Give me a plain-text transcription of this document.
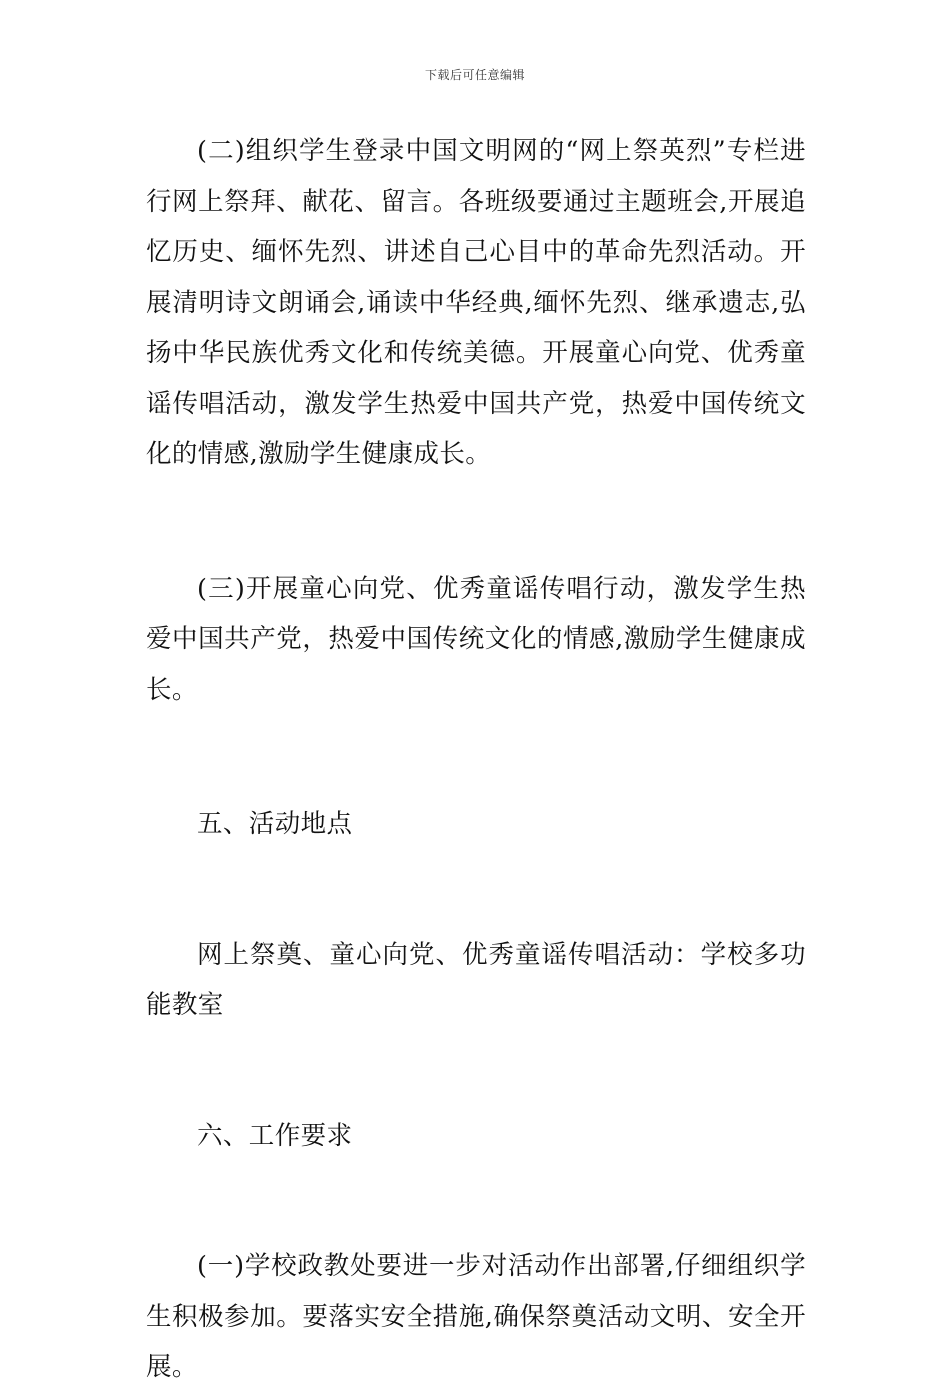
下载后可任意编辑

(二)组织学生登录中国文明网的“网上祭英烈”专栏进行网上祭拜、献花、留言。各班级要通过主题班会,开展追忆历史、缅怀先烈、讲述自己心目中的革命先烈活动。开展清明诗文朗诵会,诵读中华经典,缅怀先烈、继承遗志,弘扬中华民族优秀文化和传统美德。开展童心向党、优秀童谣传唱活动，激发学生热爱中国共产党，热爱中国传统文化的情感,激励学生健康成长。

(三)开展童心向党、优秀童谣传唱行动，激发学生热爱中国共产党，热爱中国传统文化的情感,激励学生健康成长。

五、活动地点

网上祭奠、童心向党、优秀童谣传唱活动：学校多功能教室

六、工作要求

(一)学校政教处要进一步对活动作出部署,仔细组织学生积极参加。要落实安全措施,确保祭奠活动文明、安全开展。
